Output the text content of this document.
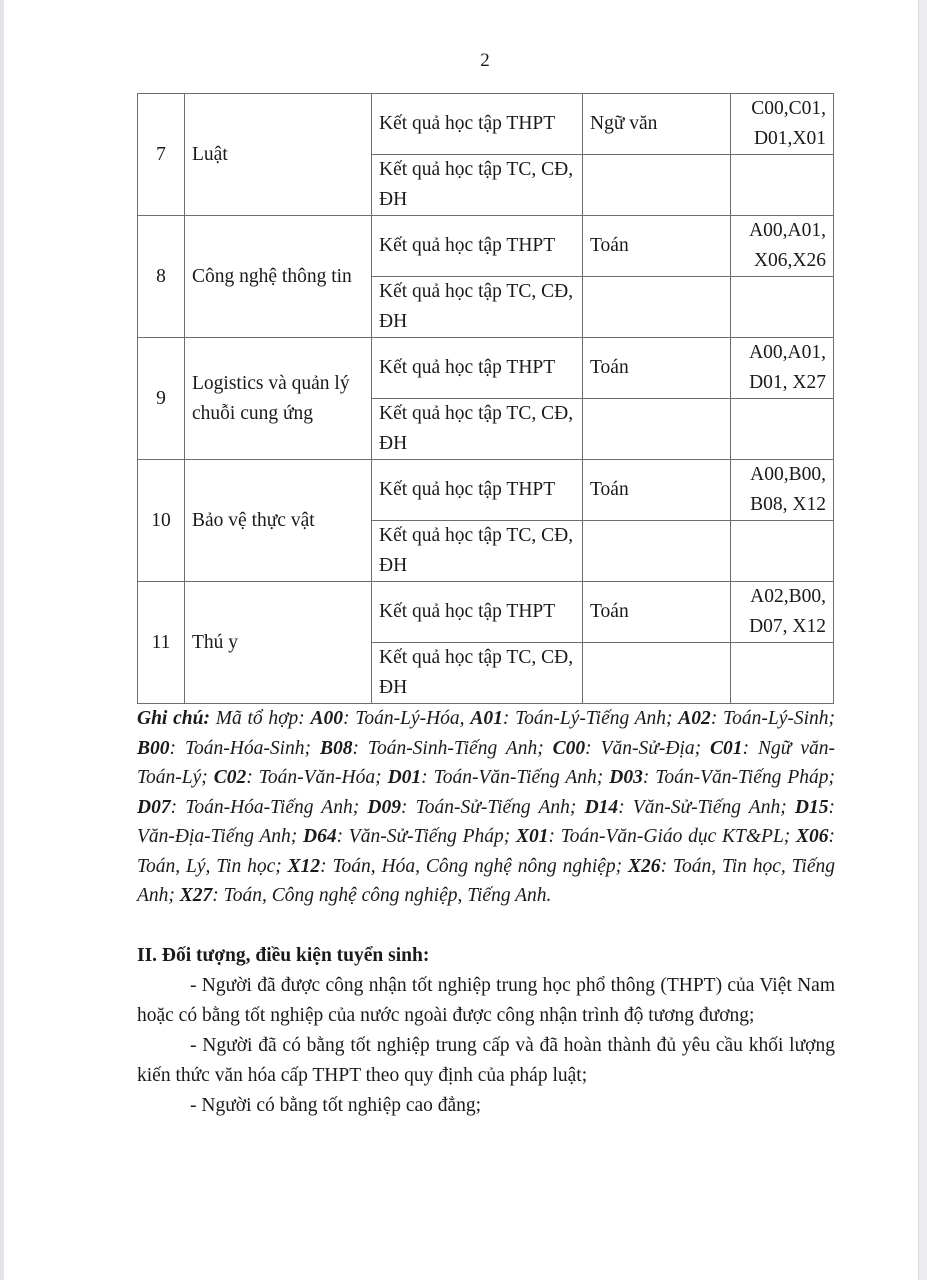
2
7	Luật	Kết quả học tập THPT	Ngữ văn	C00,C01, D01,X01
		Kết quả học tập TC, CĐ, ĐH		
8	Công nghệ thông tin	Kết quả học tập THPT	Toán	A00,A01, X06,X26
		Kết quả học tập TC, CĐ, ĐH		
9	Logistics và quản lý chuỗi cung ứng	Kết quả học tập THPT	Toán	A00,A01, D01, X27
		Kết quả học tập TC, CĐ, ĐH		
10	Bảo vệ thực vật	Kết quả học tập THPT	Toán	A00,B00, B08, X12
		Kết quả học tập TC, CĐ, ĐH		
11	Thú y	Kết quả học tập THPT	Toán	A02,B00, D07, X12
		Kết quả học tập TC, CĐ, ĐH		
Ghi chú: Mã tổ hợp: A00: Toán-Lý-Hóa, A01: Toán-Lý-Tiếng Anh; A02: Toán-Lý-Sinh; B00: Toán-Hóa-Sinh; B08: Toán-Sinh-Tiếng Anh; C00: Văn-Sử-Địa; C01: Ngữ văn-Toán-Lý; C02: Toán-Văn-Hóa; D01: Toán-Văn-Tiếng Anh; D03: Toán-Văn-Tiếng Pháp; D07: Toán-Hóa-Tiếng Anh; D09: Toán-Sử-Tiếng Anh; D14: Văn-Sử-Tiếng Anh; D15: Văn-Địa-Tiếng Anh; D64: Văn-Sử-Tiếng Pháp; X01: Toán-Văn-Giáo dục KT&PL; X06: Toán, Lý, Tin học; X12: Toán, Hóa, Công nghệ nông nghiệp; X26: Toán, Tin học, Tiếng Anh; X27: Toán, Công nghệ công nghiệp, Tiếng Anh.
II. Đối tượng, điều kiện tuyển sinh:

- Người đã được công nhận tốt nghiệp trung học phổ thông (THPT) của Việt Nam hoặc có bằng tốt nghiệp của nước ngoài được công nhận trình độ tương đương;

- Người đã có bằng tốt nghiệp trung cấp và đã hoàn thành đủ yêu cầu khối lượng kiến thức văn hóa cấp THPT theo quy định của pháp luật;

- Người có bằng tốt nghiệp cao đẳng;
